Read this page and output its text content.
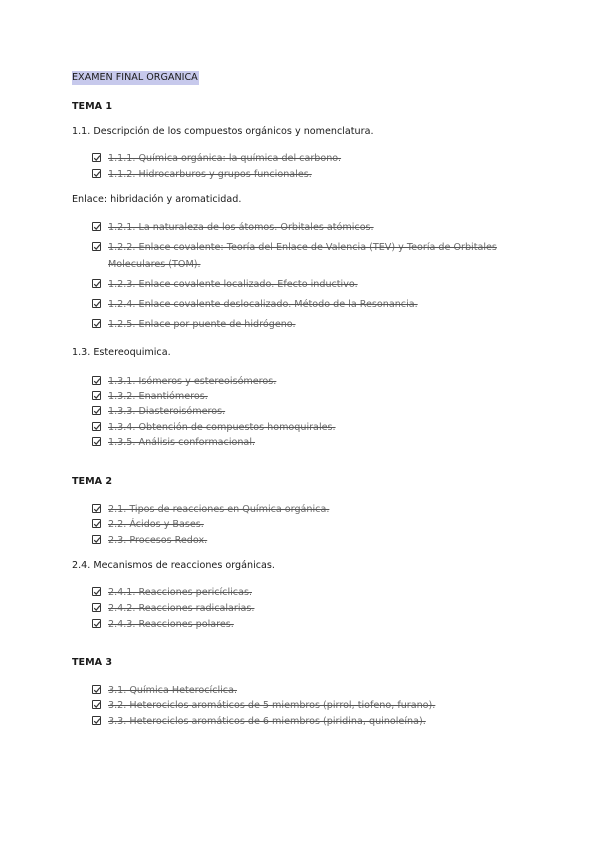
EXAMEN FINAL ORGANICA
TEMA 1
1.1. Descripción de los compuestos orgánicos y nomenclatura.
1.1.1. Química orgánica: la química del carbono.
1.1.2. Hidrocarburos y grupos funcionales.
Enlace: hibridación y aromaticidad.
1.2.1. La naturaleza de los átomos. Orbitales atómicos.
1.2.2. Enlace covalente: Teoría del Enlace de Valencia (TEV) y Teoría de Orbitales Moleculares (TOM).
1.2.3. Enlace covalente localizado. Efecto inductivo.
1.2.4. Enlace covalente deslocalizado. Método de la Resonancia.
1.2.5. Enlace por puente de hidrógeno.
1.3. Estereoquimica.
1.3.1. Isómeros y estereoisómeros.
1.3.2. Enantiómeros.
1.3.3. Diasteroisómeros.
1.3.4. Obtención de compuestos homoquirales.
1.3.5. Análisis conformacional.
TEMA 2
2.1. Tipos de reacciones en Química orgánica.
2.2. Ácidos y Bases.
2.3. Procesos Redox.
2.4. Mecanismos de reacciones orgánicas.
2.4.1. Reacciones pericíclicas.
2.4.2. Reacciones radicalarias.
2.4.3. Reacciones polares.
TEMA 3
3.1. Química Heterocíclica.
3.2. Heterociclos aromáticos de 5 miembros (pirrol, tiofeno, furano).
3.3. Heterociclos aromáticos de 6 miembros (piridina, quinoleína).
